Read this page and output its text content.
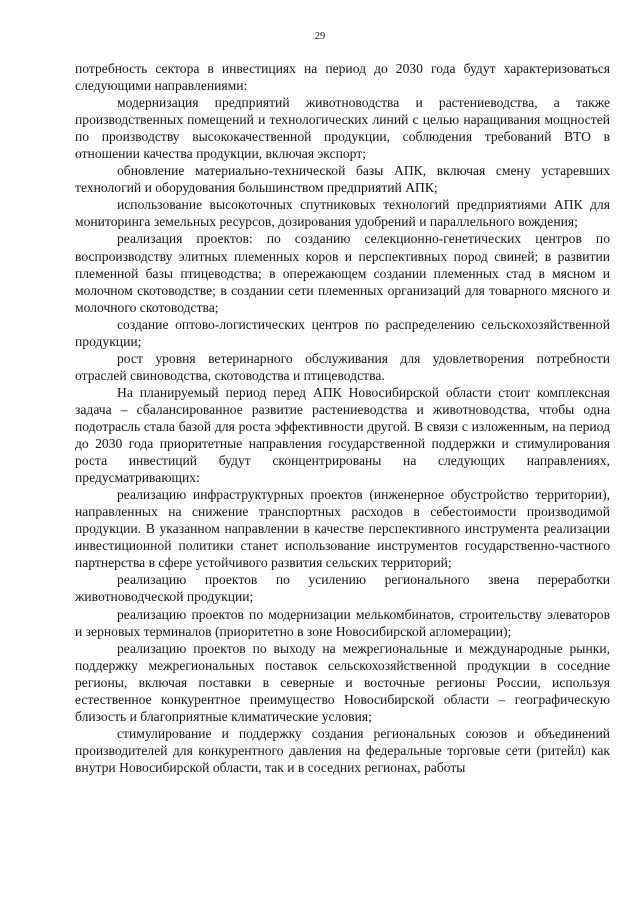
29

потребность сектора в инвестициях на период до 2030 года будут характеризоваться следующими направлениями:

модернизация предприятий животноводства и растениеводства, а также производственных помещений и технологических линий с целью наращивания мощностей по производству высококачественной продукции, соблюдения требований ВТО в отношении качества продукции, включая экспорт;

обновление материально-технической базы АПК, включая смену устаревших технологий и оборудования большинством предприятий АПК;

использование высокоточных спутниковых технологий предприятиями АПК для мониторинга земельных ресурсов, дозирования удобрений и параллельного вождения;

реализация проектов: по созданию селекционно-генетических центров по воспроизводству элитных племенных коров и перспективных пород свиней; в развитии племенной базы птицеводства; в опережающем создании племенных стад в мясном и молочном скотоводстве; в создании сети племенных организаций для товарного мясного и молочного скотоводства;

создание оптово-логистических центров по распределению сельскохозяйственной продукции;

рост уровня ветеринарного обслуживания для удовлетворения потребности отраслей свиноводства, скотоводства и птицеводства.

На планируемый период перед АПК Новосибирской области стоит комплексная задача – сбалансированное развитие растениеводства и животноводства, чтобы одна подотрасль стала базой для роста эффективности другой. В связи с изложенным, на период до 2030 года приоритетные направления государственной поддержки и стимулирования роста инвестиций будут сконцентрированы на следующих направлениях, предусматривающих:

реализацию инфраструктурных проектов (инженерное обустройство территории), направленных на снижение транспортных расходов в себестоимости производимой продукции. В указанном направлении в качестве перспективного инструмента реализации инвестиционной политики станет использование инструментов государственно-частного партнерства в сфере устойчивого развития сельских территорий;

реализацию проектов по усилению регионального звена переработки животноводческой продукции;

реализацию проектов по модернизации мелькомбинатов, строительству элеваторов и зерновых терминалов (приоритетно в зоне Новосибирской агломерации);

реализацию проектов по выходу на межрегиональные и международные рынки, поддержку межрегиональных поставок сельскохозяйственной продукции в соседние регионы, включая поставки в северные и восточные регионы России, используя естественное конкурентное преимущество Новосибирской области – географическую близость и благоприятные климатические условия;

стимулирование и поддержку создания региональных союзов и объединений производителей для конкурентного давления на федеральные торговые сети (ритейл) как внутри Новосибирской области, так и в соседних регионах, работы
